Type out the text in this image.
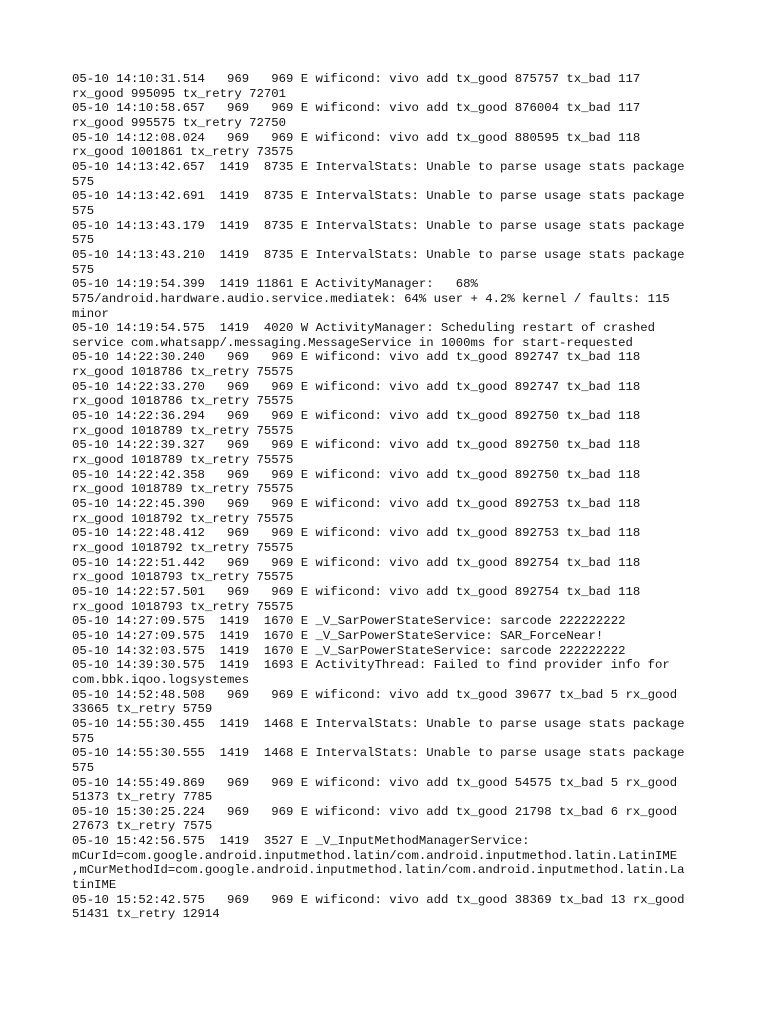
05-10 14:10:31.514   969   969 E wificond: vivo add tx_good 875757 tx_bad 117
rx_good 995095 tx_retry 72701
05-10 14:10:58.657   969   969 E wificond: vivo add tx_good 876004 tx_bad 117
rx_good 995575 tx_retry 72750
05-10 14:12:08.024   969   969 E wificond: vivo add tx_good 880595 tx_bad 118
rx_good 1001861 tx_retry 73575
05-10 14:13:42.657  1419  8735 E IntervalStats: Unable to parse usage stats package
575
05-10 14:13:42.691  1419  8735 E IntervalStats: Unable to parse usage stats package
575
05-10 14:13:43.179  1419  8735 E IntervalStats: Unable to parse usage stats package
575
05-10 14:13:43.210  1419  8735 E IntervalStats: Unable to parse usage stats package
575
05-10 14:19:54.399  1419 11861 E ActivityManager:   68%
575/android.hardware.audio.service.mediatek: 64% user + 4.2% kernel / faults: 115
minor
05-10 14:19:54.575  1419  4020 W ActivityManager: Scheduling restart of crashed
service com.whatsapp/.messaging.MessageService in 1000ms for start-requested
05-10 14:22:30.240   969   969 E wificond: vivo add tx_good 892747 tx_bad 118
rx_good 1018786 tx_retry 75575
05-10 14:22:33.270   969   969 E wificond: vivo add tx_good 892747 tx_bad 118
rx_good 1018786 tx_retry 75575
05-10 14:22:36.294   969   969 E wificond: vivo add tx_good 892750 tx_bad 118
rx_good 1018789 tx_retry 75575
05-10 14:22:39.327   969   969 E wificond: vivo add tx_good 892750 tx_bad 118
rx_good 1018789 tx_retry 75575
05-10 14:22:42.358   969   969 E wificond: vivo add tx_good 892750 tx_bad 118
rx_good 1018789 tx_retry 75575
05-10 14:22:45.390   969   969 E wificond: vivo add tx_good 892753 tx_bad 118
rx_good 1018792 tx_retry 75575
05-10 14:22:48.412   969   969 E wificond: vivo add tx_good 892753 tx_bad 118
rx_good 1018792 tx_retry 75575
05-10 14:22:51.442   969   969 E wificond: vivo add tx_good 892754 tx_bad 118
rx_good 1018793 tx_retry 75575
05-10 14:22:57.501   969   969 E wificond: vivo add tx_good 892754 tx_bad 118
rx_good 1018793 tx_retry 75575
05-10 14:27:09.575  1419  1670 E _V_SarPowerStateService: sarcode 222222222
05-10 14:27:09.575  1419  1670 E _V_SarPowerStateService: SAR_ForceNear!
05-10 14:32:03.575  1419  1670 E _V_SarPowerStateService: sarcode 222222222
05-10 14:39:30.575  1419  1693 E ActivityThread: Failed to find provider info for
com.bbk.iqoo.logsystemes
05-10 14:52:48.508   969   969 E wificond: vivo add tx_good 39677 tx_bad 5 rx_good
33665 tx_retry 5759
05-10 14:55:30.455  1419  1468 E IntervalStats: Unable to parse usage stats package
575
05-10 14:55:30.555  1419  1468 E IntervalStats: Unable to parse usage stats package
575
05-10 14:55:49.869   969   969 E wificond: vivo add tx_good 54575 tx_bad 5 rx_good
51373 tx_retry 7785
05-10 15:30:25.224   969   969 E wificond: vivo add tx_good 21798 tx_bad 6 rx_good
27673 tx_retry 7575
05-10 15:42:56.575  1419  3527 E _V_InputMethodManagerService:
mCurId=com.google.android.inputmethod.latin/com.android.inputmethod.latin.LatinIME
,mCurMethodId=com.google.android.inputmethod.latin/com.android.inputmethod.latin.La
tinIME
05-10 15:52:42.575   969   969 E wificond: vivo add tx_good 38369 tx_bad 13 rx_good
51431 tx_retry 12914
